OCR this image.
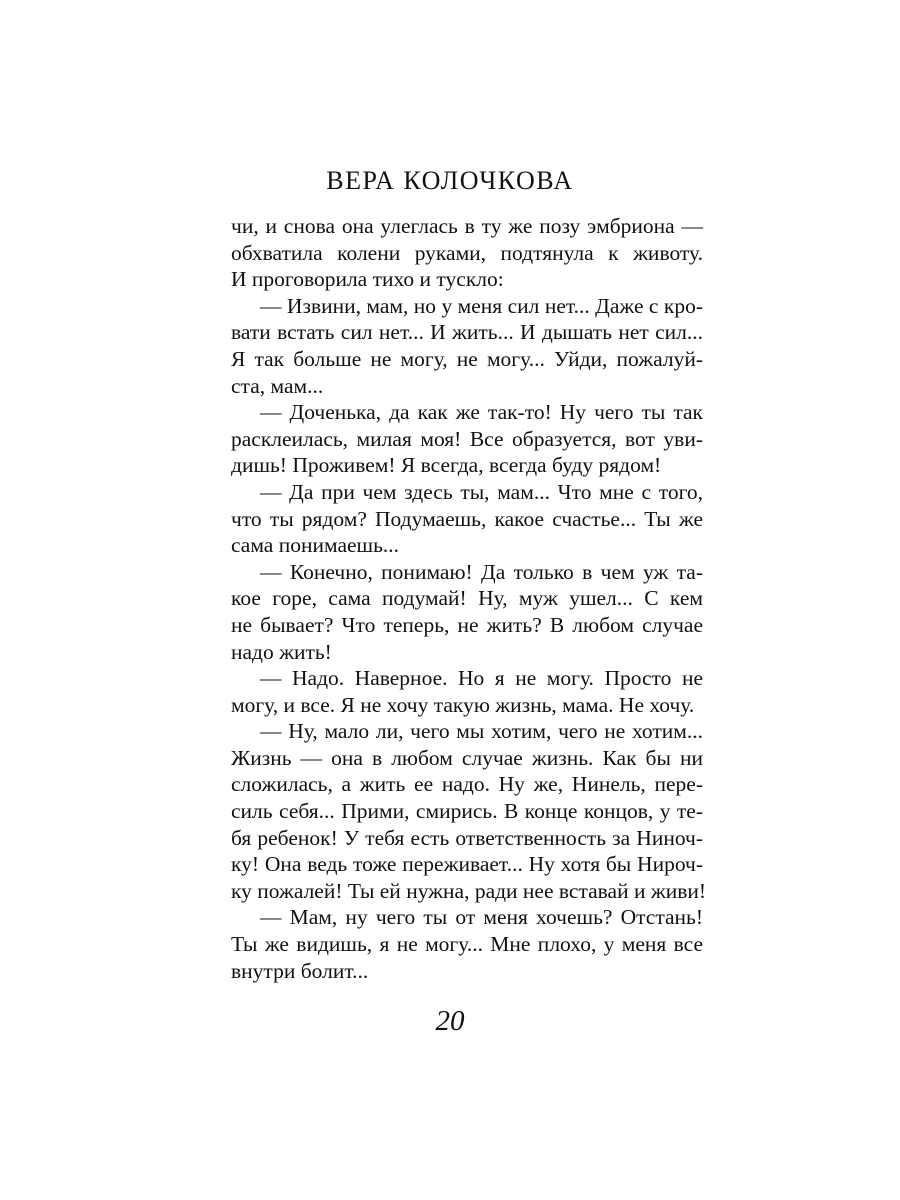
ВЕРА КОЛОЧКОВА
чи, и снова она улеглась в ту же позу эмбриона —
обхватила колени руками, подтянула к животу.
И проговорила тихо и тускло:
— Извини, мам, но у меня сил нет... Даже с кро-
вати встать сил нет... И жить... И дышать нет сил...
Я так больше не могу, не могу... Уйди, пожалуй-
ста, мам...
— Доченька, да как же так-то! Ну чего ты так
расклеилась, милая моя! Все образуется, вот уви-
дишь! Проживем! Я всегда, всегда буду рядом!
— Да при чем здесь ты, мам... Что мне с того,
что ты рядом? Подумаешь, какое счастье... Ты же
сама понимаешь...
— Конечно, понимаю! Да только в чем уж та-
кое горе, сама подумай! Ну, муж ушел... С кем
не бывает? Что теперь, не жить? В любом случае
надо жить!
— Надо. Наверное. Но я не могу. Просто не
могу, и все. Я не хочу такую жизнь, мама. Не хочу.
— Ну, мало ли, чего мы хотим, чего не хотим...
Жизнь — она в любом случае жизнь. Как бы ни
сложилась, а жить ее надо. Ну же, Нинель, пере-
силь себя... Прими, смирись. В конце концов, у те-
бя ребенок! У тебя есть ответственность за Ниноч-
ку! Она ведь тоже переживает... Ну хотя бы Нироч-
ку пожалей! Ты ей нужна, ради нее вставай и живи!
— Мам, ну чего ты от меня хочешь? Отстань!
Ты же видишь, я не могу... Мне плохо, у меня все
внутри болит...
20
